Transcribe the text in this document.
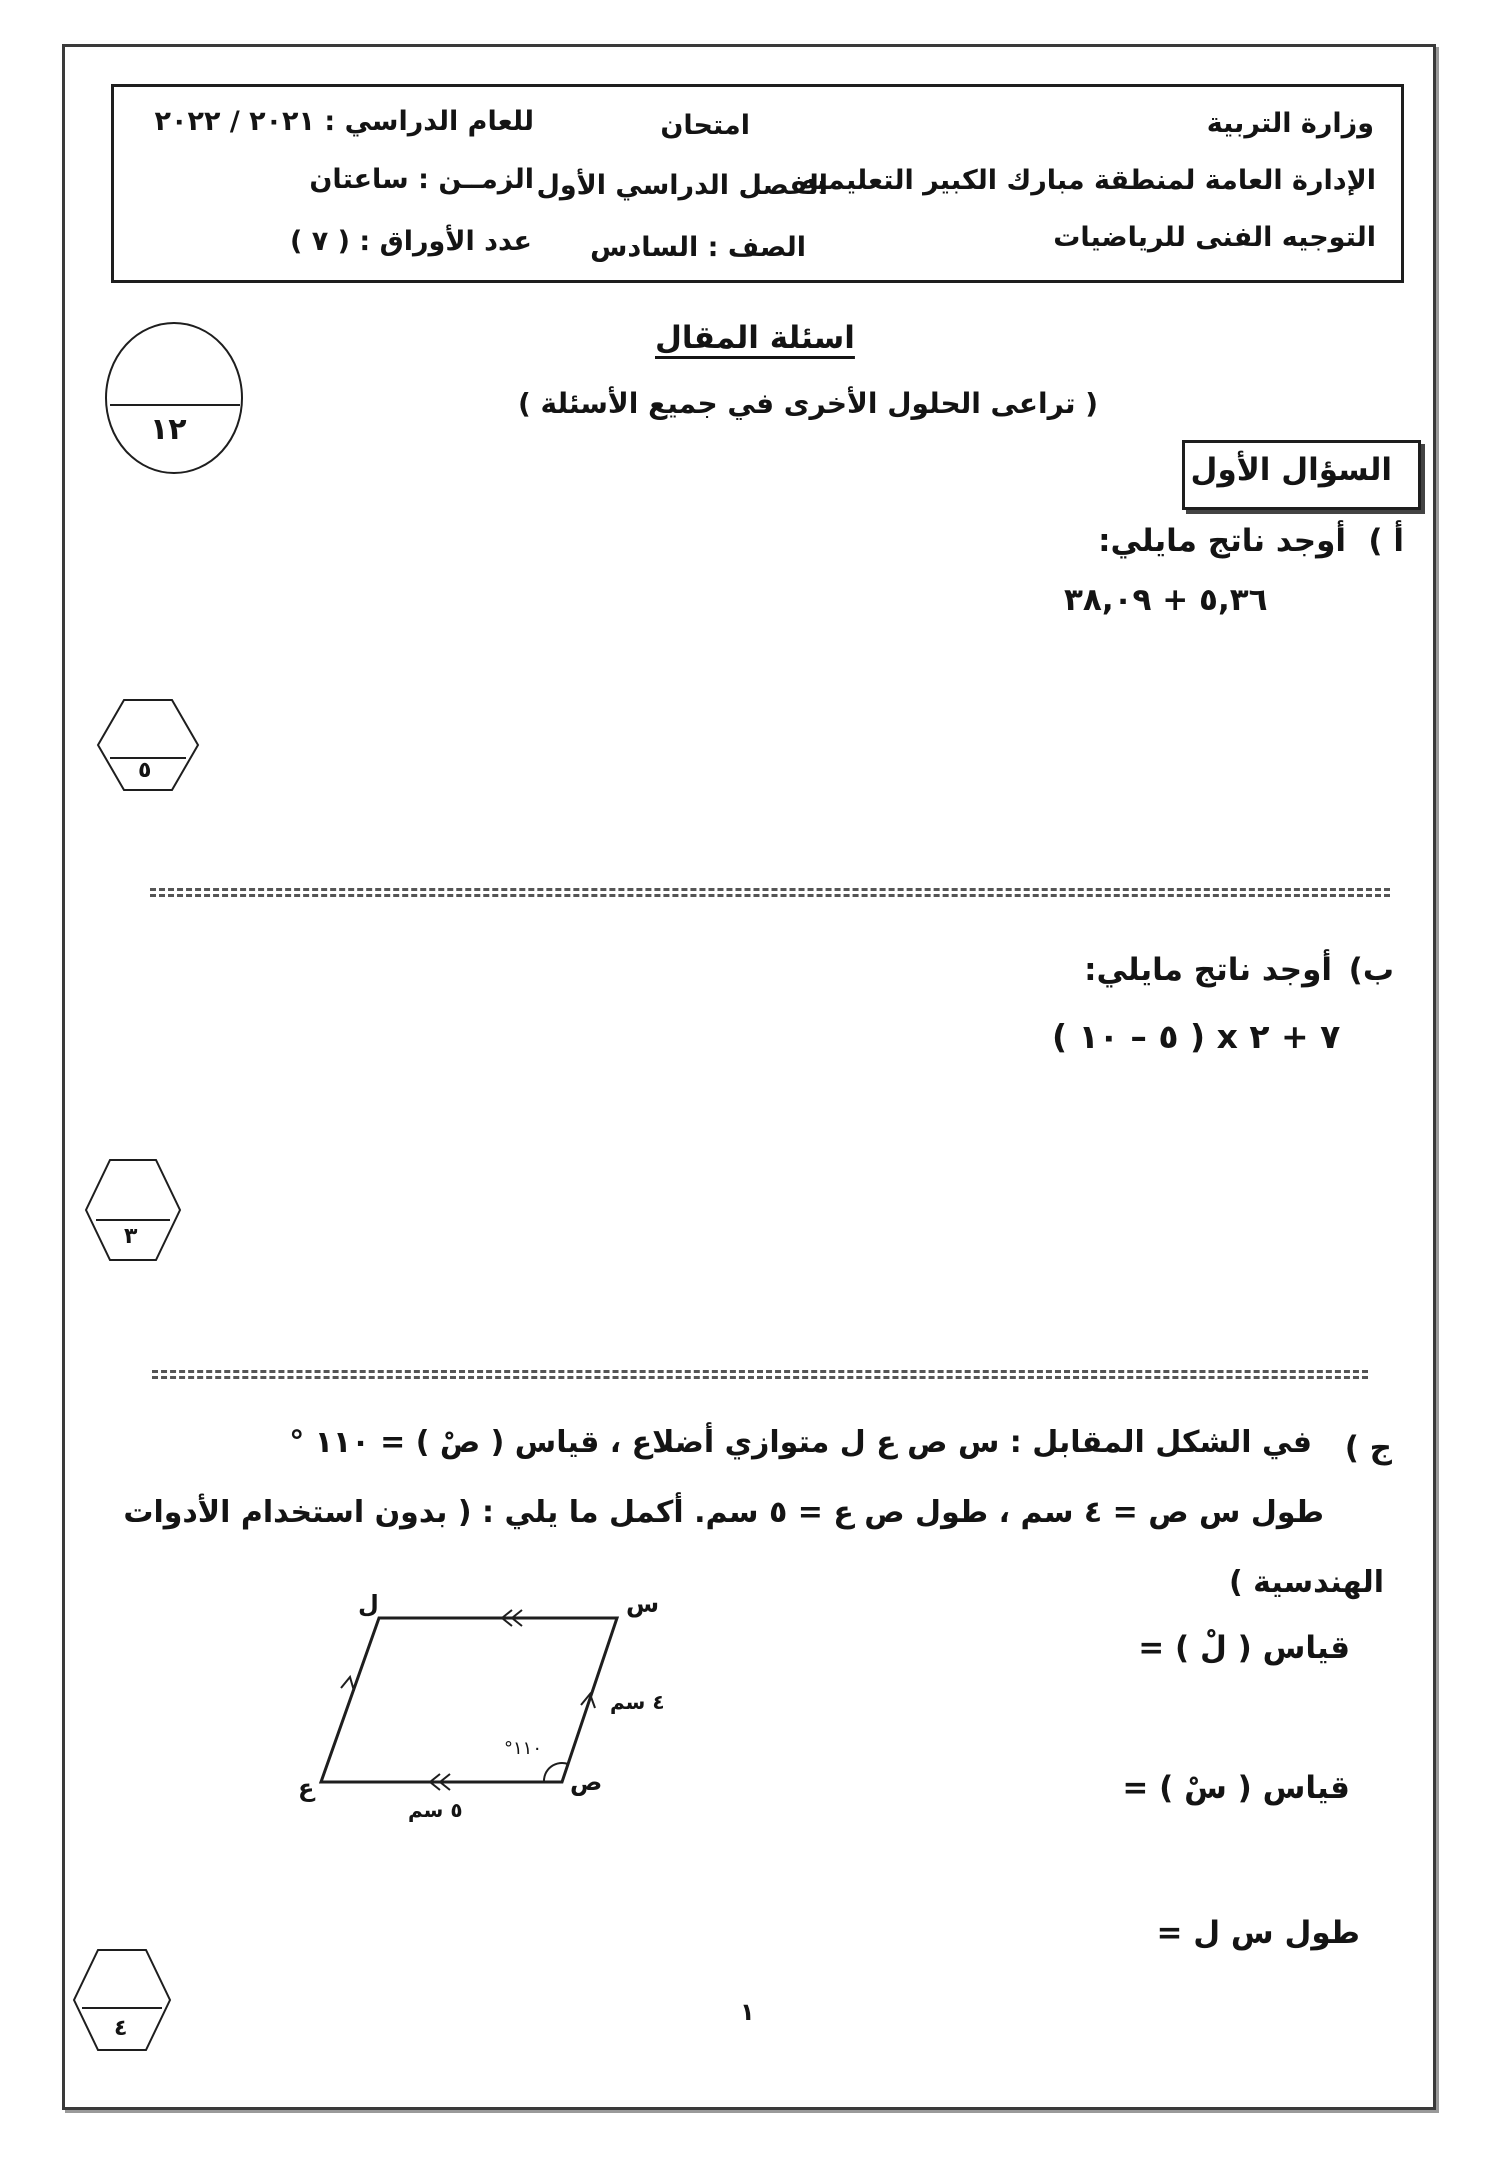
وزارة التربية
الإدارة العامة لمنطقة مبارك الكبير التعليميه
التوجيه الفنى للرياضيات
امتحان
الفصل الدراسي الأول
الصف : السادس
للعام الدراسي : ٢٠٢١ / ٢٠٢٢
الزمــن : ساعتان
عدد الأوراق : ( ٧ )
١٢
اسئلة المقال
( تراعى الحلول الأخرى في جميع الأسئلة )
السؤال الأول
أ )
أوجد ناتج مايلي:
٥,٣٦ + ٣٨,٠٩
٥
ب)
أوجد ناتج مايلي:
٧ + ٢ x ( ٥ – ١٠ )
٣
ج )
في الشكل المقابل : س ص ع ل متوازي أضلاع ، قياس ( صْ ) = ١١٠ °
طول س ص = ٤ سم ، طول ص ع = ٥ سم. أكمل ما يلي : ( بدون استخدام الأدوات
الهندسية )
قياس ( لْ ) =
قياس ( سْ ) =
طول س ل =
س
ل
ص
ع
٤ سم
٥ سم
١١٠°
٤
١
